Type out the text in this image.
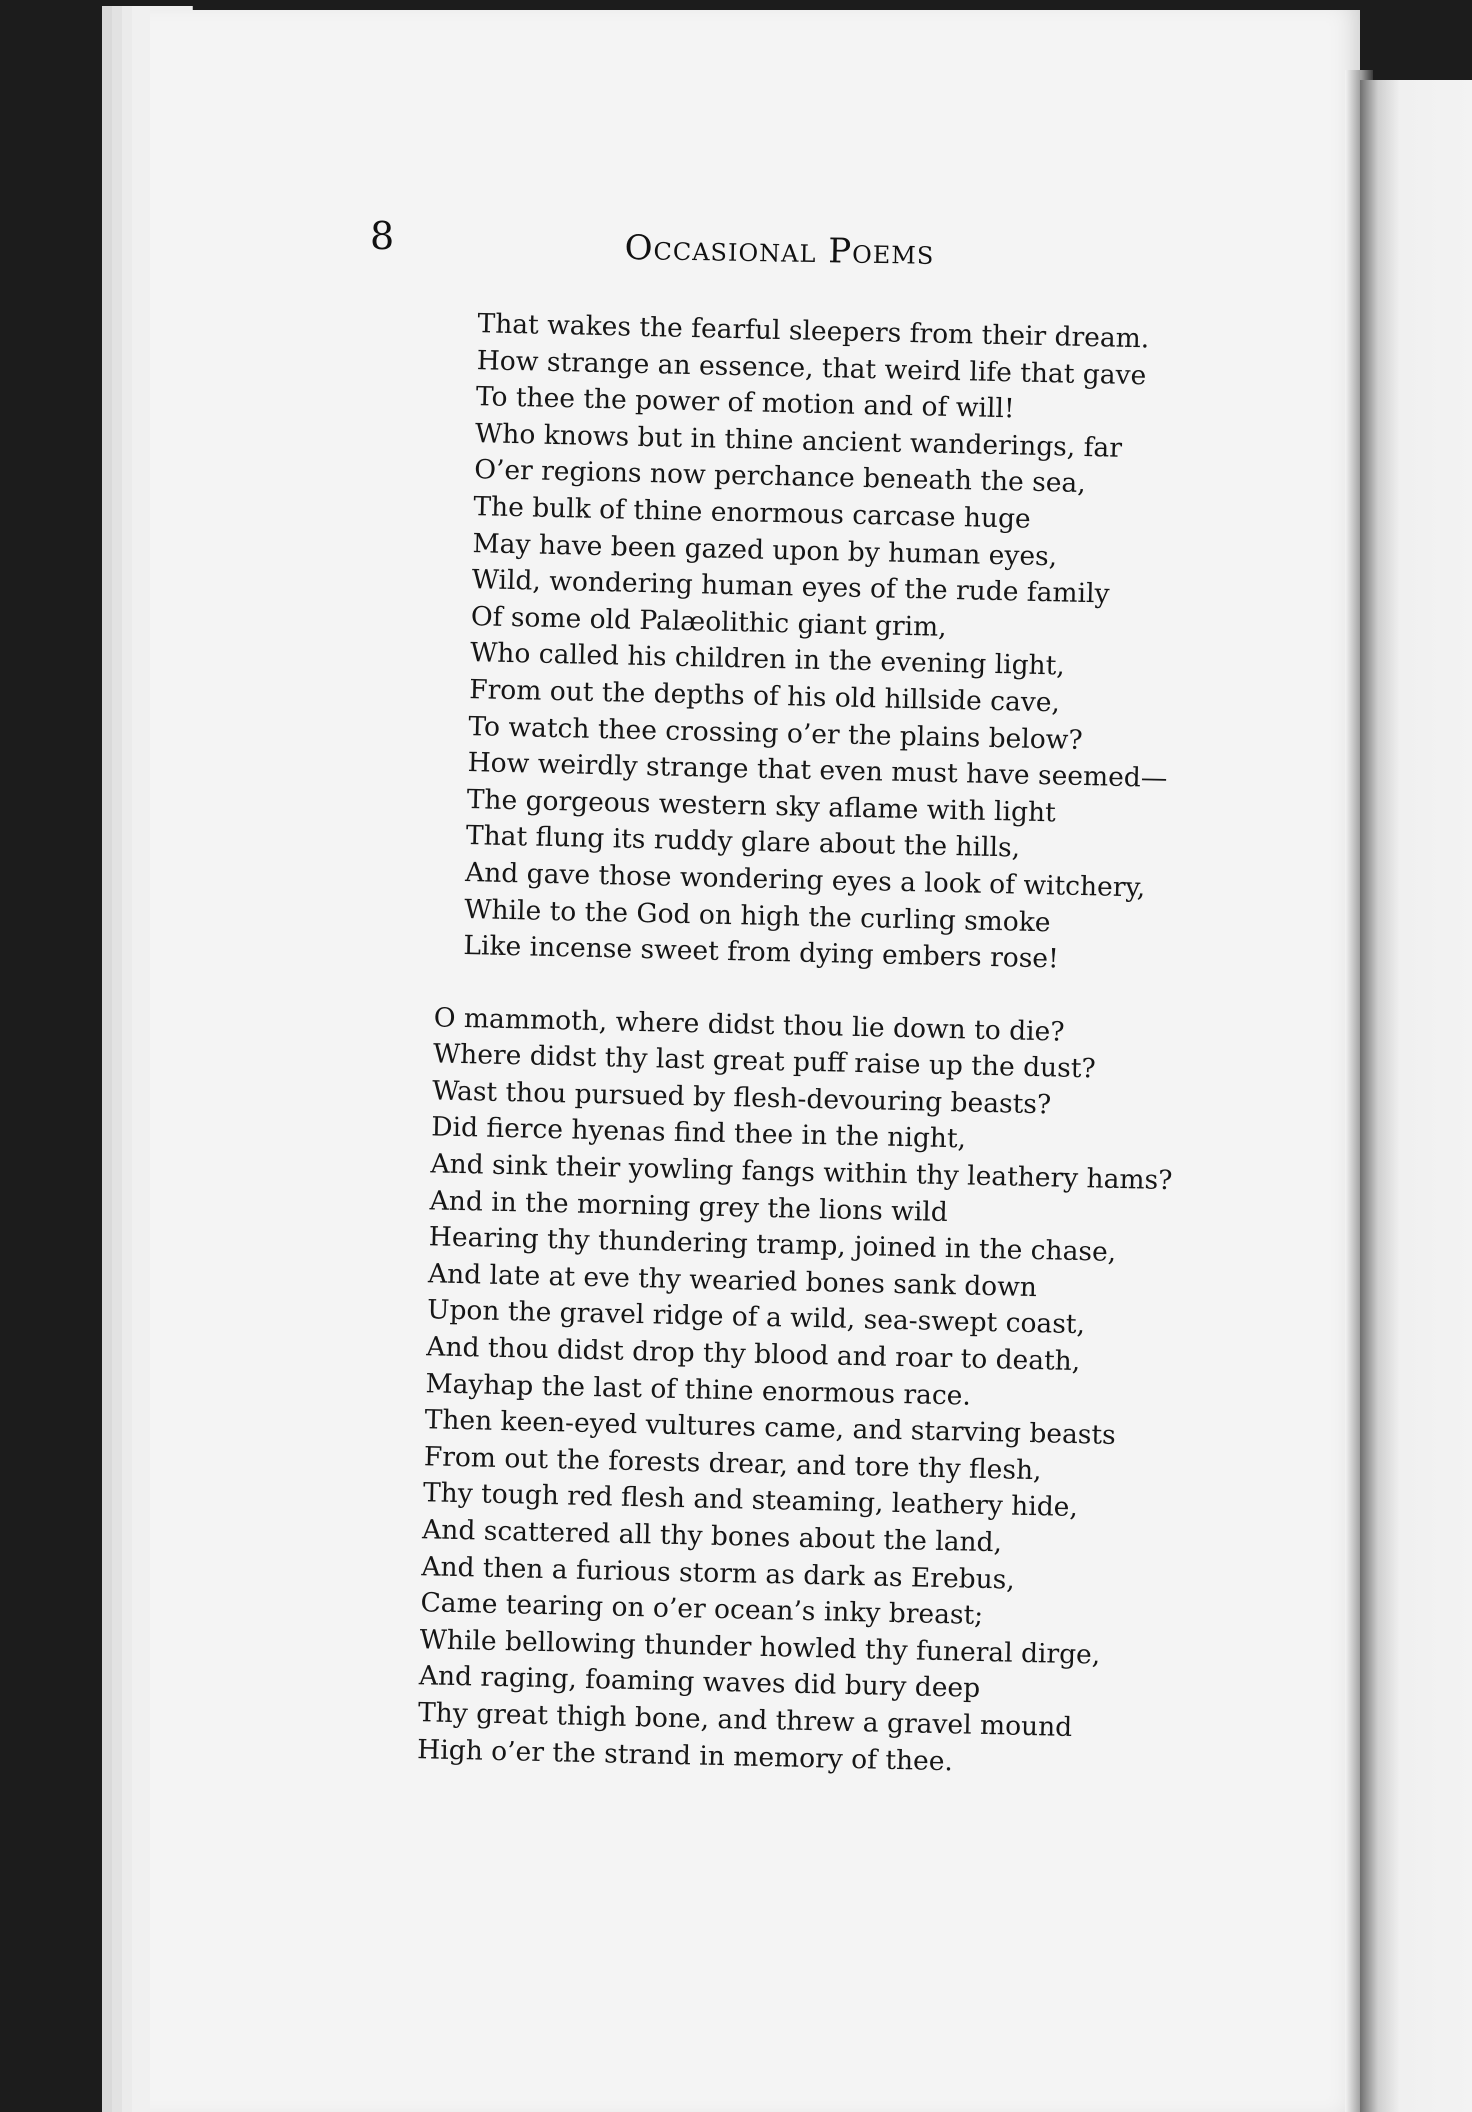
8	Occasional Poems
That wakes the fearful sleepers from their dream.
How strange an essence, that weird life that gave
To thee the power of motion and of will!
Who knows but in thine ancient wanderings, far
O’er regions now perchance beneath the sea,
The bulk of thine enormous carcase huge
May have been gazed upon by human eyes,
Wild, wondering human eyes of the rude family
Of some old Palæolithic giant grim,
Who called his children in the evening light,
From out the depths of his old hillside cave,
To watch thee crossing o’er the plains below?
How weirdly strange that even must have seemed—
The gorgeous western sky aflame with light
That flung its ruddy glare about the hills,
And gave those wondering eyes a look of witchery,
While to the God on high the curling smoke
Like incense sweet from dying embers rose!
O mammoth, where didst thou lie down to die?
Where didst thy last great puff raise up the dust?
Wast thou pursued by flesh-devouring beasts?
Did fierce hyenas find thee in the night,
And sink their yowling fangs within thy leathery hams?
And in the morning grey the lions wild
Hearing thy thundering tramp, joined in the chase,
And late at eve thy wearied bones sank down
Upon the gravel ridge of a wild, sea-swept coast,
And thou didst drop thy blood and roar to death,
Mayhap the last of thine enormous race.
Then keen-eyed vultures came, and starving beasts
From out the forests drear, and tore thy flesh,
Thy tough red flesh and steaming, leathery hide,
And scattered all thy bones about the land,
And then a furious storm as dark as Erebus,
Came tearing on o’er ocean’s inky breast;
While bellowing thunder howled thy funeral dirge,
And raging, foaming waves did bury deep
Thy great thigh bone, and threw a gravel mound
High o’er the strand in memory of thee.
